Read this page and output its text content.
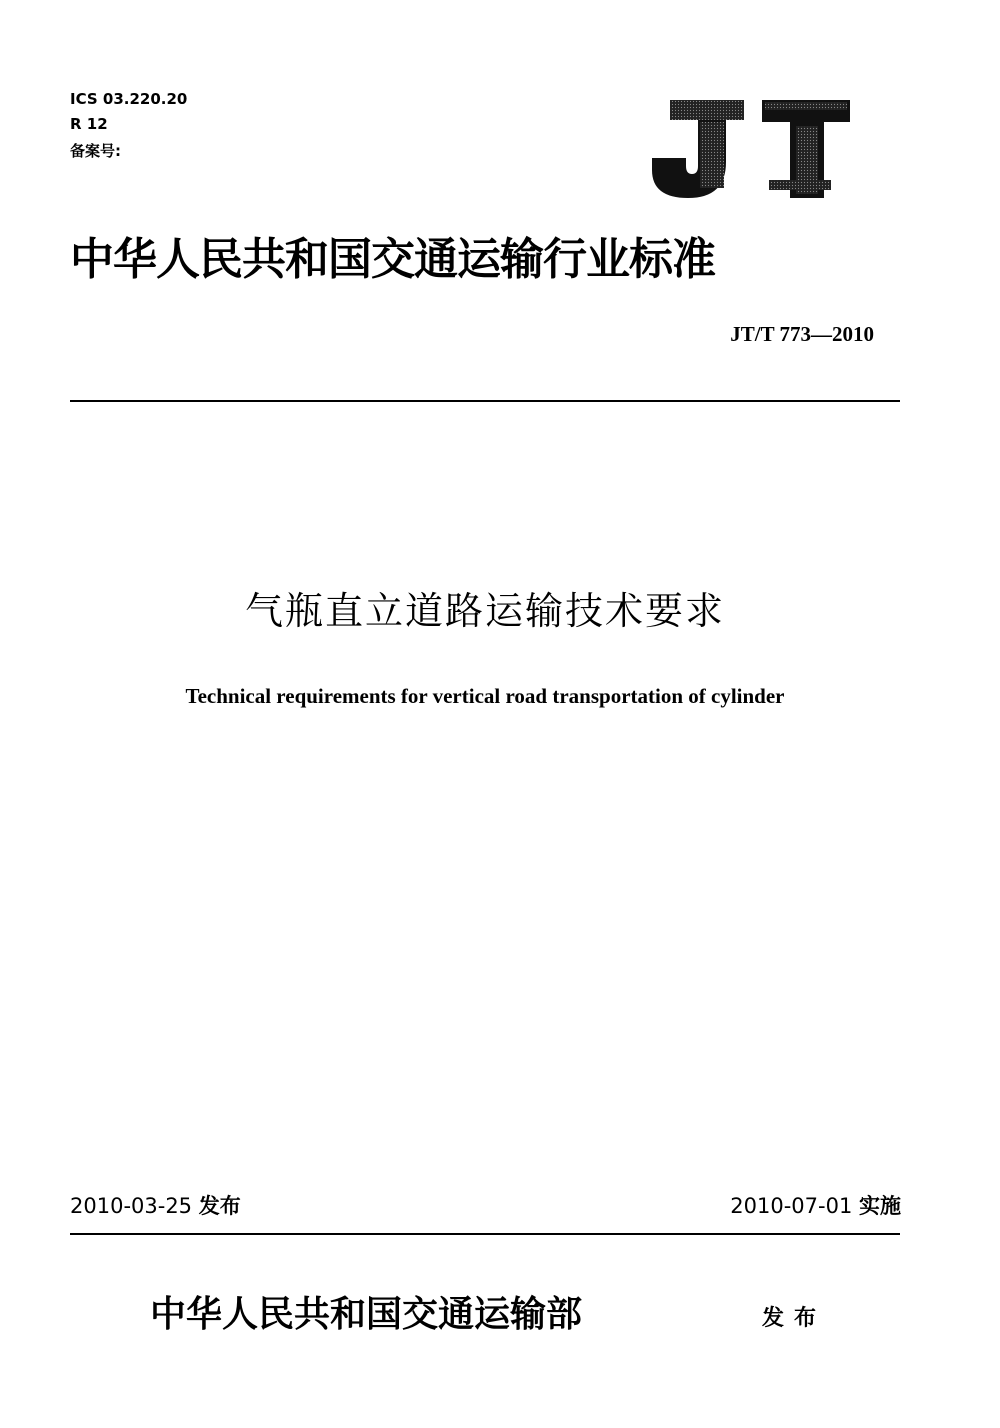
ICS 03.220.20
R 12
备案号:
JT
中华人民共和国交通运输行业标准
JT/T 773—2010
气瓶直立道路运输技术要求
Technical requirements for vertical road transportation of cylinder
2010-03-25 发布	2010-07-01 实施
中华人民共和国交通运输部	发布
